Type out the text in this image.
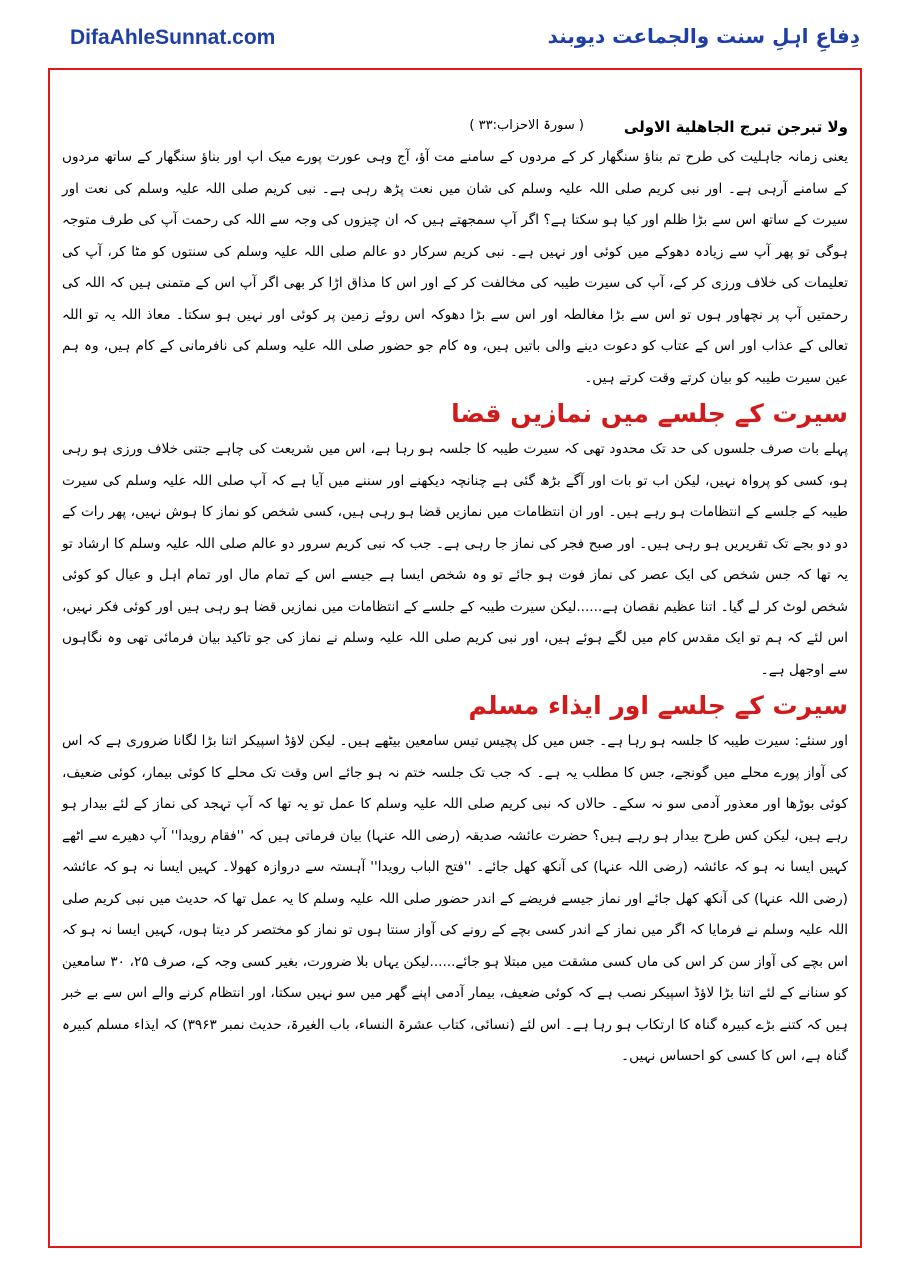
DifaAhleSunnat.com	دِفاعِ اہلِ سنت والجماعت دیوبند
ولا تبرجن تبرج الجاهلية الاولى
( سورۃ الاحزاب:۳۳ )

یعنی زمانہ جاہلیت کی طرح تم بناؤ سنگھار کر کے مردوں کے سامنے مت آؤ، آج وہی عورت پورے میک اپ اور بناؤ سنگھار کے ساتھ مردوں کے سامنے آرہی ہے۔ اور نبی کریم صلی اللہ علیہ وسلم کی شان میں نعت پڑھ رہی ہے۔ نبی کریم صلی اللہ علیہ وسلم کی نعت اور سیرت کے ساتھ اس سے بڑا ظلم اور کیا ہو سکتا ہے؟ اگر آپ سمجھتے ہیں کہ ان چیزوں کی وجہ سے اللہ کی رحمت آپ کی طرف متوجہ ہوگی تو پھر آپ سے زیادہ دھوکے میں کوئی اور نہیں ہے۔ نبی کریم سرکار دو عالم صلی اللہ علیہ وسلم کی سنتوں کو مٹا کر، آپ کی تعلیمات کی خلاف ورزی کر کے، آپ کی سیرت طیبہ کی مخالفت کر کے اور اس کا مذاق اڑا کر بھی اگر آپ اس کے متمنی ہیں کہ اللہ کی رحمتیں آپ پر نچھاور ہوں تو اس سے بڑا مغالطہ اور اس سے بڑا دھوکہ اس روئے زمین پر کوئی اور نہیں ہو سکتا۔ معاذ اللہ یہ تو اللہ تعالی کے عذاب اور اس کے عتاب کو دعوت دینے والی باتیں ہیں، وہ کام جو حضور صلی اللہ علیہ وسلم کی نافرمانی کے کام ہیں، وہ ہم عین سیرت طیبہ کو بیان کرتے وقت کرتے ہیں۔

سیرت کے جلسے میں نمازیں قضا

پہلے بات صرف جلسوں کی حد تک محدود تھی کہ سیرت طیبہ کا جلسہ ہو رہا ہے، اس میں شریعت کی چاہے جتنی خلاف ورزی ہو رہی ہو، کسی کو پرواہ نہیں، لیکن اب تو بات اور آگے بڑھ گئی ہے چنانچہ دیکھنے اور سننے میں آیا ہے کہ آپ صلی اللہ علیہ وسلم کی سیرت طیبہ کے جلسے کے انتظامات ہو رہے ہیں۔ اور ان انتظامات میں نمازیں قضا ہو رہی ہیں، کسی شخص کو نماز کا ہوش نہیں، پھر رات کے دو دو بجے تک تقریریں ہو رہی ہیں۔ اور صبح فجر کی نماز جا رہی ہے۔ جب کہ نبی کریم سرور دو عالم صلی اللہ علیہ وسلم کا ارشاد تو یہ تھا کہ جس شخص کی ایک عصر کی نماز فوت ہو جائے تو وہ شخص ایسا ہے جیسے اس کے تمام مال اور تمام اہل و عیال کو کوئی شخص لوٹ کر لے گیا۔ اتنا عظیم نقصان ہے......لیکن سیرت طیبہ کے جلسے کے انتظامات میں نمازیں قضا ہو رہی ہیں اور کوئی فکر نہیں، اس لئے کہ ہم تو ایک مقدس کام میں لگے ہوئے ہیں، اور نبی کریم صلی اللہ علیہ وسلم نے نماز کی جو تاکید بیان فرمائی تھی وہ نگاہوں سے اوجھل ہے۔

سیرت کے جلسے اور ایذاء مسلم

اور سنئے: سیرت طیبہ کا جلسہ ہو رہا ہے۔ جس میں کل پچیس تیس سامعین بیٹھے ہیں۔ لیکن لاؤڈ اسپیکر اتنا بڑا لگانا ضروری ہے کہ اس کی آواز پورے محلے میں گونجے، جس کا مطلب یہ ہے۔ کہ جب تک جلسہ ختم نہ ہو جائے اس وقت تک محلے کا کوئی بیمار، کوئی ضعیف، کوئی بوڑھا اور معذور آدمی سو نہ سکے۔ حالاں کہ نبی کریم صلی اللہ علیہ وسلم کا عمل تو یہ تھا کہ آپ تہجد کی نماز کے لئے بیدار ہو رہے ہیں، لیکن کس طرح بیدار ہو رہے ہیں؟ حضرت عائشہ صدیقہ (رضی اللہ عنہا) بیان فرماتی ہیں کہ ''فقام رویدا'' آپ دھیرے سے اٹھے کہیں ایسا نہ ہو کہ عائشہ (رضی اللہ عنہا) کی آنکھ کھل جائے۔ ''فتح الباب رویدا'' آہستہ سے دروازہ کھولا۔ کہیں ایسا نہ ہو کہ عائشہ (رضی اللہ عنہا) کی آنکھ کھل جائے اور نماز جیسے فریضے کے اندر حضور صلی اللہ علیہ وسلم کا یہ عمل تھا کہ حدیث میں نبی کریم صلی اللہ علیہ وسلم نے فرمایا کہ اگر میں نماز کے اندر کسی بچے کے رونے کی آواز سنتا ہوں تو نماز کو مختصر کر دیتا ہوں، کہیں ایسا نہ ہو کہ اس بچے کی آواز سن کر اس کی ماں کسی مشقت میں مبتلا ہو جائے......لیکن یہاں بلا ضرورت، بغیر کسی وجہ کے، صرف ۲۵، ۳۰ سامعین کو سنانے کے لئے اتنا بڑا لاؤڈ اسپیکر نصب ہے کہ کوئی ضعیف، بیمار آدمی اپنے گھر میں سو نہیں سکتا، اور انتظام کرنے والے اس سے بے خبر ہیں کہ کتنے بڑے کبیرہ گناہ کا ارتکاب ہو رہا ہے۔ اس لئے (نسائی، کتاب عشرۃ النساء، باب الغیرۃ، حدیث نمبر ۳۹۶۳) کہ ایذاء مسلم کبیرہ گناہ ہے، اس کا کسی کو احساس نہیں۔
